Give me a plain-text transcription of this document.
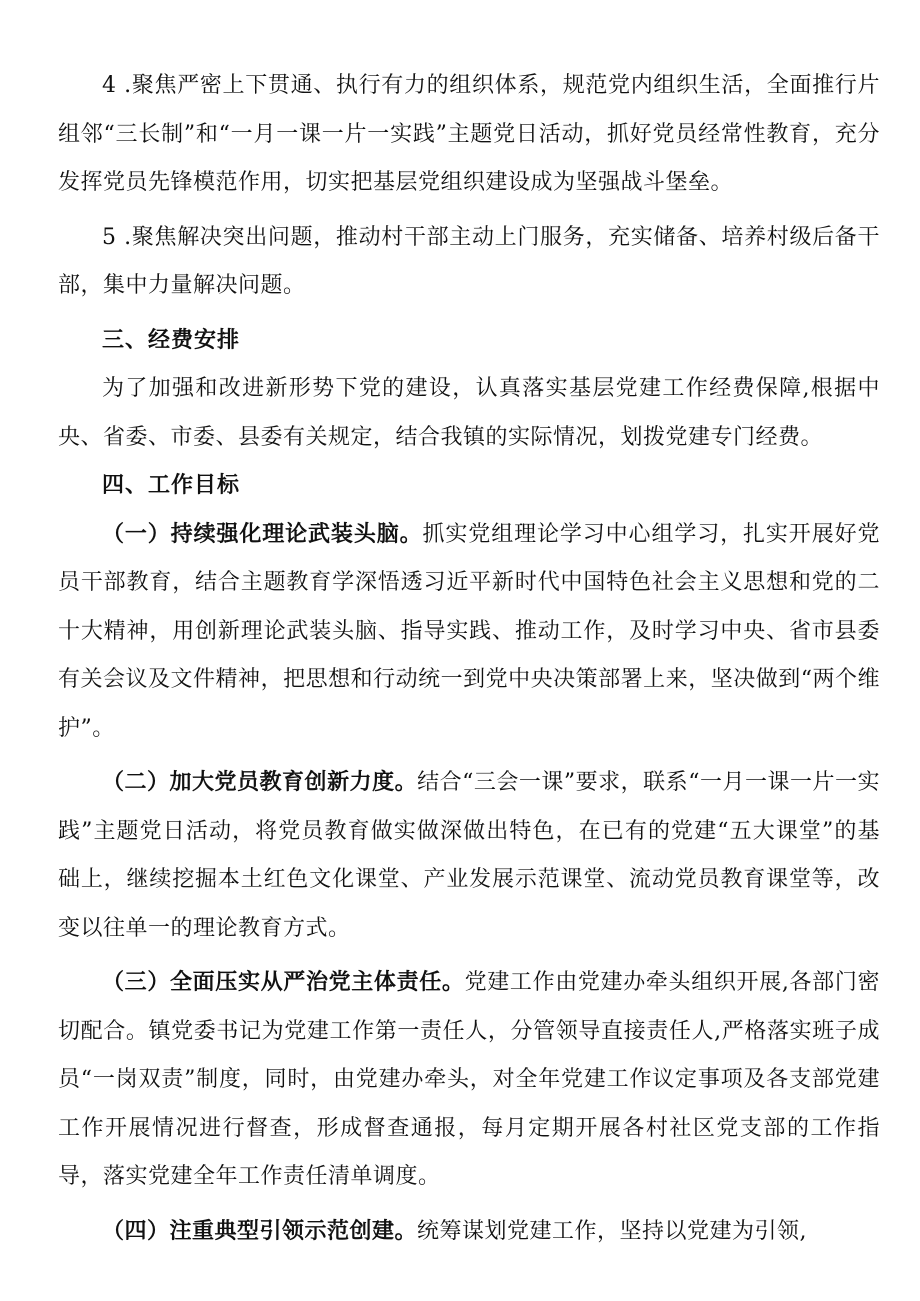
4 .聚焦严密上下贯通、执行有力的组织体系，规范党内组织生活，全面推行片组邻“三长制”和“一月一课一片一实践”主题党日活动，抓好党员经常性教育，充分发挥党员先锋模范作用，切实把基层党组织建设成为坚强战斗堡垒。

5 .聚焦解决突出问题，推动村干部主动上门服务，充实储备、培养村级后备干部，集中力量解决问题。

三、经费安排

为了加强和改进新形势下党的建设，认真落实基层党建工作经费保障,根据中央、省委、市委、县委有关规定，结合我镇的实际情况，划拨党建专门经费。

四、工作目标

（一）持续强化理论武装头脑。抓实党组理论学习中心组学习，扎实开展好党员干部教育，结合主题教育学深悟透习近平新时代中国特色社会主义思想和党的二十大精神，用创新理论武装头脑、指导实践、推动工作，及时学习中央、省市县委有关会议及文件精神，把思想和行动统一到党中央决策部署上来，坚决做到“两个维护”。

（二）加大党员教育创新力度。结合“三会一课”要求，联系“一月一课一片一实践”主题党日活动，将党员教育做实做深做出特色，在已有的党建“五大课堂”的基础上，继续挖掘本土红色文化课堂、产业发展示范课堂、流动党员教育课堂等，改变以往单一的理论教育方式。

（三）全面压实从严治党主体责任。党建工作由党建办牵头组织开展,各部门密切配合。镇党委书记为党建工作第一责任人，分管领导直接责任人,严格落实班子成员“一岗双责”制度，同时，由党建办牵头，对全年党建工作议定事项及各支部党建工作开展情况进行督查，形成督查通报，每月定期开展各村社区党支部的工作指导，落实党建全年工作责任清单调度。

（四）注重典型引领示范创建。统筹谋划党建工作，坚持以党建为引领,
